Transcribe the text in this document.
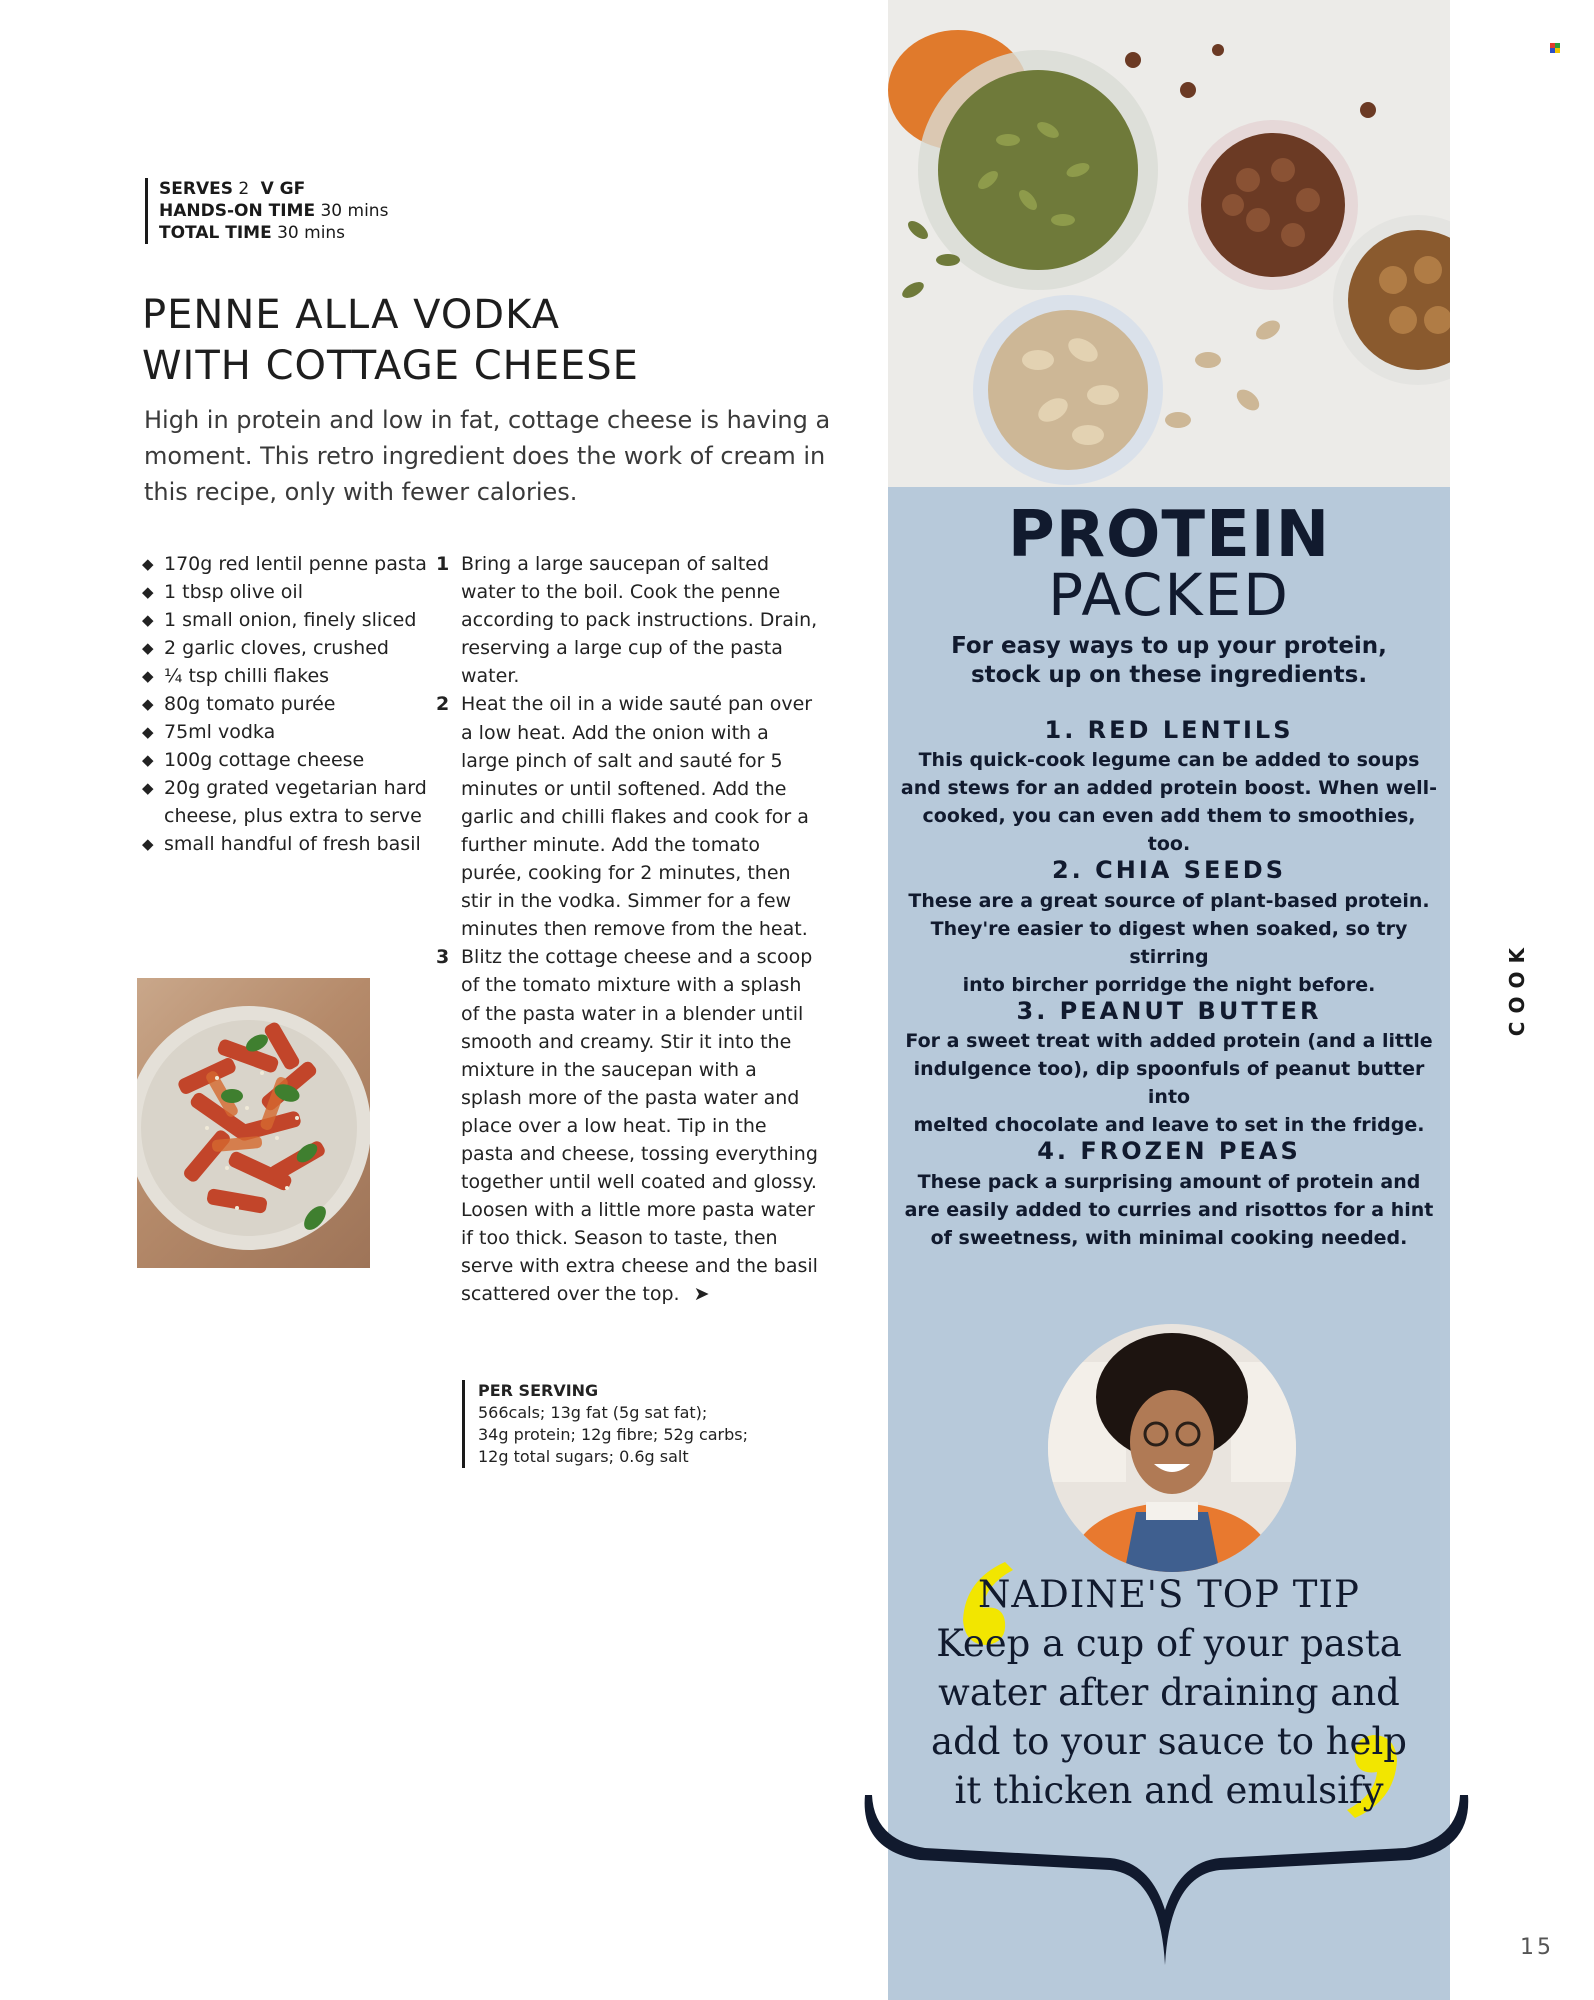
SERVES 2 V GF
HANDS-ON TIME 30 mins
TOTAL TIME 30 mins
PENNE ALLA VODKA
WITH COTTAGE CHEESE
High in protein and low in fat, cottage cheese is having a moment. This retro ingredient does the work of cream in this recipe, only with fewer calories.
◆ 170g red lentil penne pasta
◆ 1 tbsp olive oil
◆ 1 small onion, finely sliced
◆ 2 garlic cloves, crushed
◆ ¼ tsp chilli flakes
◆ 80g tomato purée
◆ 75ml vodka
◆ 100g cottage cheese
◆ 20g grated vegetarian hard cheese, plus extra to serve
◆ small handful of fresh basil
1 Bring a large saucepan of salted water to the boil. Cook the penne according to pack instructions. Drain, reserving a large cup of the pasta water.
2 Heat the oil in a wide sauté pan over a low heat. Add the onion with a large pinch of salt and sauté for 5 minutes or until softened. Add the garlic and chilli flakes and cook for a further minute. Add the tomato purée, cooking for 2 minutes, then stir in the vodka. Simmer for a few minutes then remove from the heat.
3 Blitz the cottage cheese and a scoop of the tomato mixture with a splash of the pasta water in a blender until smooth and creamy. Stir it into the mixture in the saucepan with a splash more of the pasta water and place over a low heat. Tip in the pasta and cheese, tossing everything together until well coated and glossy. Loosen with a little more pasta water if too thick. Season to taste, then serve with extra cheese and the basil scattered over the top. ➤
PER SERVING
566cals; 13g fat (5g sat fat);
34g protein; 12g fibre; 52g carbs;
12g total sugars; 0.6g salt
PROTEIN
PACKED
For easy ways to up your protein,
stock up on these ingredients.
1. RED LENTILS
This quick-cook legume can be added to soups
and stews for an added protein boost. When well-
cooked, you can even add them to smoothies, too.
2. CHIA SEEDS
These are a great source of plant-based protein.
They're easier to digest when soaked, so try stirring
into bircher porridge the night before.
3. PEANUT BUTTER
For a sweet treat with added protein (and a little
indulgence too), dip spoonfuls of peanut butter into
melted chocolate and leave to set in the fridge.
4. FROZEN PEAS
These pack a surprising amount of protein and
are easily added to curries and risottos for a hint
of sweetness, with minimal cooking needed.
NADINE'S TOP TIP
Keep a cup of your pasta
water after draining and
add to your sauce to help
it thicken and emulsify
COOK
15
